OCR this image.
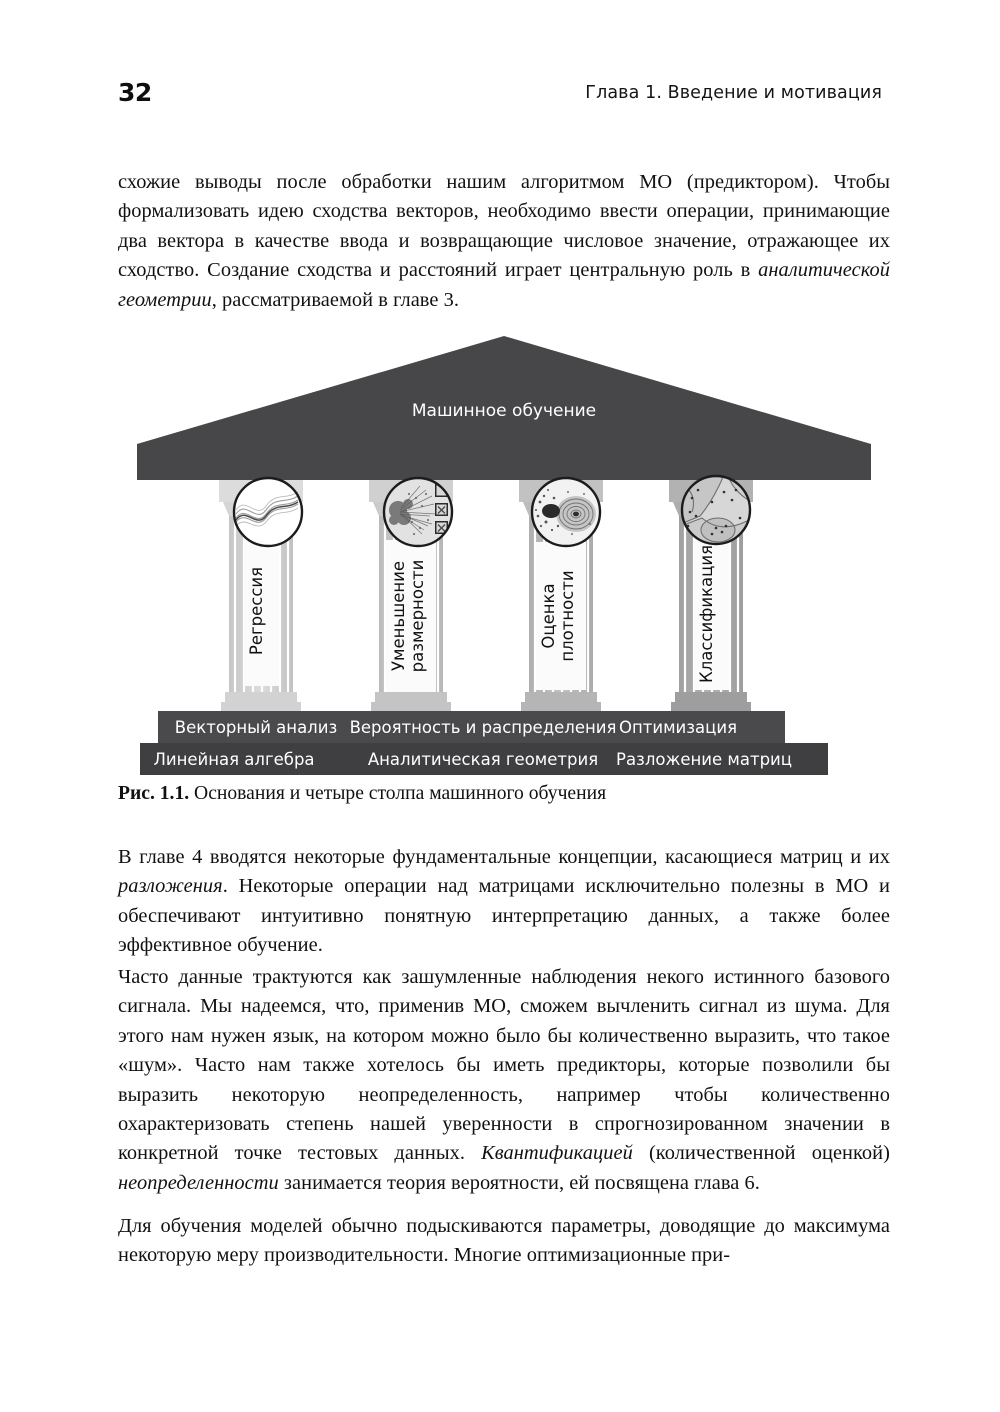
32	Глава 1. Введение и мотивация
схожие выводы после обработки нашим алгоритмом МО (предиктором). Чтобы формализовать идею сходства векторов, необходимо ввести операции, принимающие два вектора в качестве ввода и возвращающие числовое значение, отражающее их сходство. Создание сходства и расстояний играет центральную роль в аналитической геометрии, рассматриваемой в главе 3.
Машинное обучение
Регрессия	Уменьшение размерности	Оценка плотности	Классификация
Векторный анализ Вероятность и распределения Оптимизация
Линейная алгебра	Аналитическая геометрия Разложение матриц
Рис. 1.1. Основания и четыре столпа машинного обучения
В главе 4 вводятся некоторые фундаментальные концепции, касающиеся матриц и их разложения. Некоторые операции над матрицами исключительно полезны в МО и обеспечивают интуитивно понятную интерпретацию данных, а также более эффективное обучение.
Часто данные трактуются как зашумленные наблюдения некого истинного базового сигнала. Мы надеемся, что, применив МО, сможем вычленить сигнал из шума. Для этого нам нужен язык, на котором можно было бы количественно выразить, что такое «шум». Часто нам также хотелось бы иметь предикторы, которые позволили бы выразить некоторую неопределенность, например чтобы количественно охарактеризовать степень нашей уверенности в спрогнозированном значении в конкретной точке тестовых данных. Квантификацией (количественной оценкой) неопределенности занимается теория вероятности, ей посвящена глава 6.
Для обучения моделей обычно подыскиваются параметры, доводящие до максимума некоторую меру производительности. Многие оптимизационные при-
